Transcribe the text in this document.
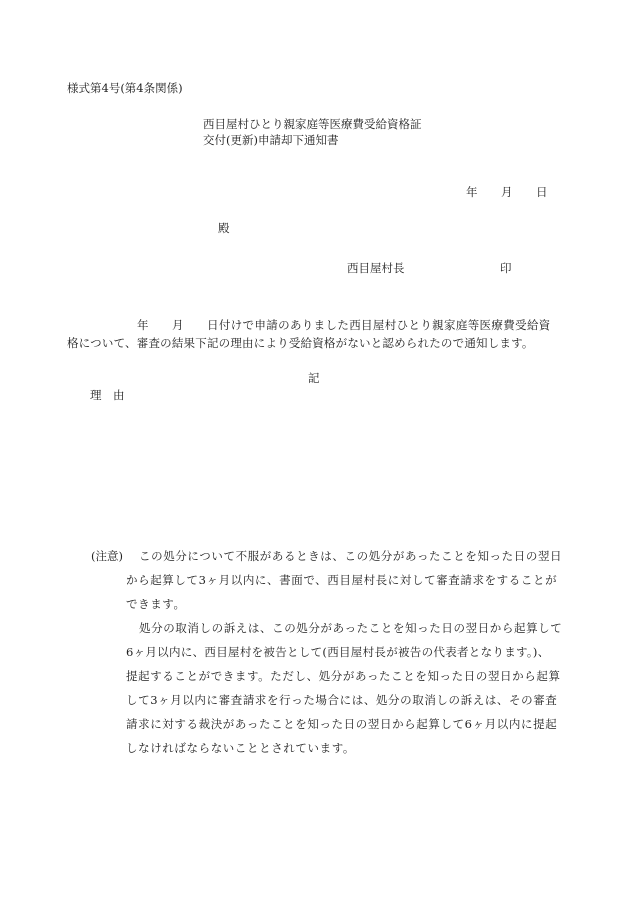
様式第4号(第4条関係)
西目屋村ひとり親家庭等医療費受給資格証
交付(更新)申請却下通知書
年 月 日
殿
西目屋村長	印
年 月 日付けで申請のありました西目屋村ひとり親家庭等医療費受給資
格について、審査の結果下記の理由により受給資格がないと認められたので通知します。
記
理　由
(注意) この処分について不服があるときは、この処分があったことを知った日の翌日
から起算して3ヶ月以内に、書面で、西目屋村長に対して審査請求をすることが
できます。
処分の取消しの訴えは、この処分があったことを知った日の翌日から起算して
6ヶ月以内に、西目屋村を被告として(西目屋村長が被告の代表者となります。)、
提起することができます。ただし、処分があったことを知った日の翌日から起算
して3ヶ月以内に審査請求を行った場合には、処分の取消しの訴えは、その審査
請求に対する裁決があったことを知った日の翌日から起算して6ヶ月以内に提起
しなければならないこととされています。
